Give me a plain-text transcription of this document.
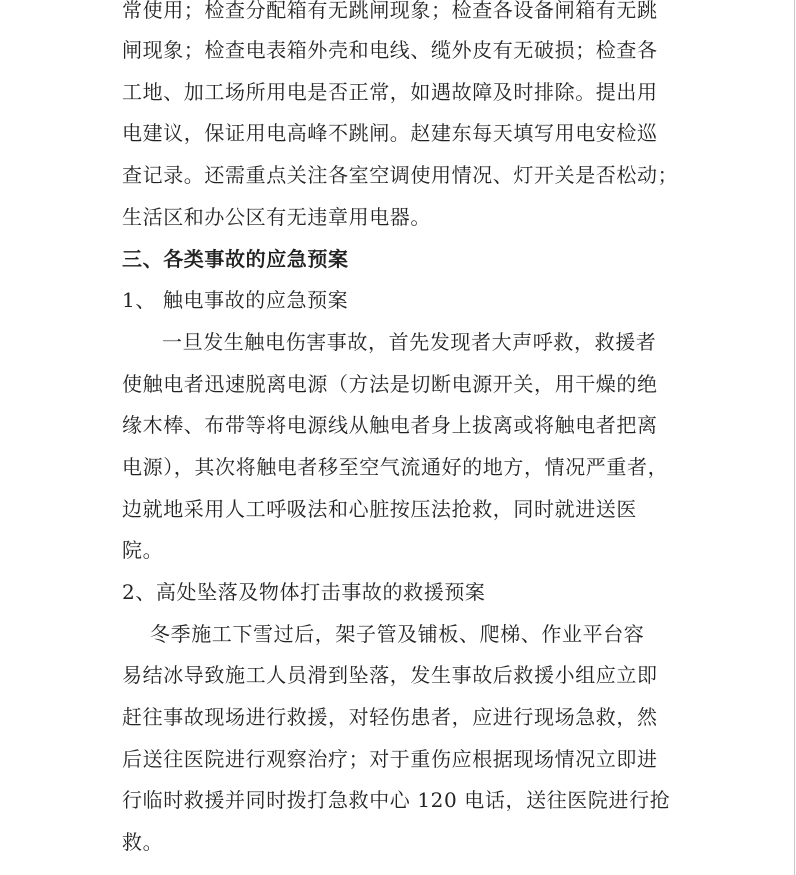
常使用；检查分配箱有无跳闸现象；检查各设备闸箱有无跳
闸现象；检查电表箱外壳和电线、缆外皮有无破损；检查各
工地、加工场所用电是否正常，如遇故障及时排除。提出用
电建议，保证用电高峰不跳闸。赵建东每天填写用电安检巡
查记录。还需重点关注各室空调使用情况、灯开关是否松动；
生活区和办公区有无违章用电器。
三、各类事故的应急预案
1、 触电事故的应急预案
一旦发生触电伤害事故，首先发现者大声呼救，救援者
使触电者迅速脱离电源（方法是切断电源开关，用干燥的绝
缘木棒、布带等将电源线从触电者身上拔离或将触电者把离
电源），其次将触电者移至空气流通好的地方，情况严重者，
边就地采用人工呼吸法和心脏按压法抢救，同时就进送医
院。
2、高处坠落及物体打击事故的救援预案
冬季施工下雪过后，架子管及铺板、爬梯、作业平台容
易结冰导致施工人员滑到坠落，发生事故后救援小组应立即
赶往事故现场进行救援，对轻伤患者，应进行现场急救，然
后送往医院进行观察治疗；对于重伤应根据现场情况立即进
行临时救援并同时拨打急救中心 120 电话，送往医院进行抢
救。
